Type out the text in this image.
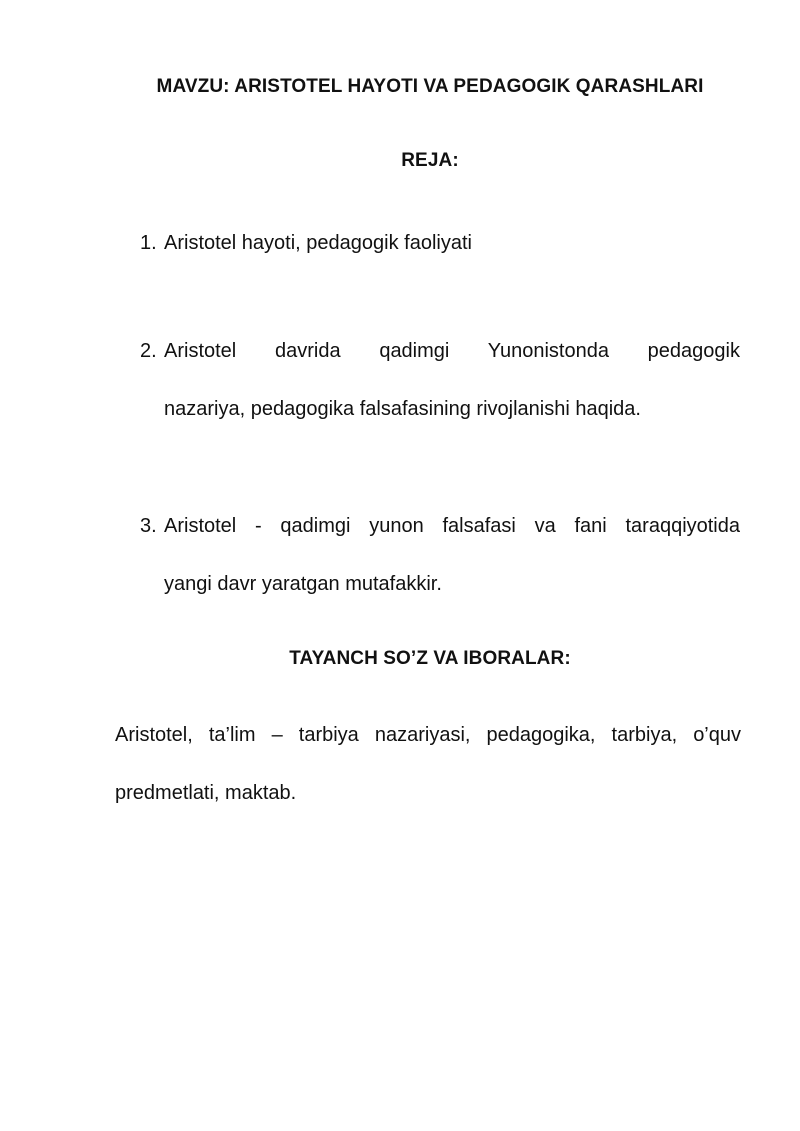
MAVZU: ARISTOTEL HAYOTI VA PEDAGOGIK QARASHLARI
REJA:
1. Aristotel hayoti, pedagogik faoliyati
2. Aristotel davrida qadimgi Yunonistonda pedagogik
nazariya, pedagogika falsafasining rivojlanishi haqida.
3. Aristotel - qadimgi yunon falsafasi va fani taraqqiyotida
yangi davr yaratgan mutafakkir.
TAYANCH SO’Z VA IBORALAR:
Aristotel, ta’lim – tarbiya nazariyasi, pedagogika, tarbiya, o’quv
predmetlati, maktab.
